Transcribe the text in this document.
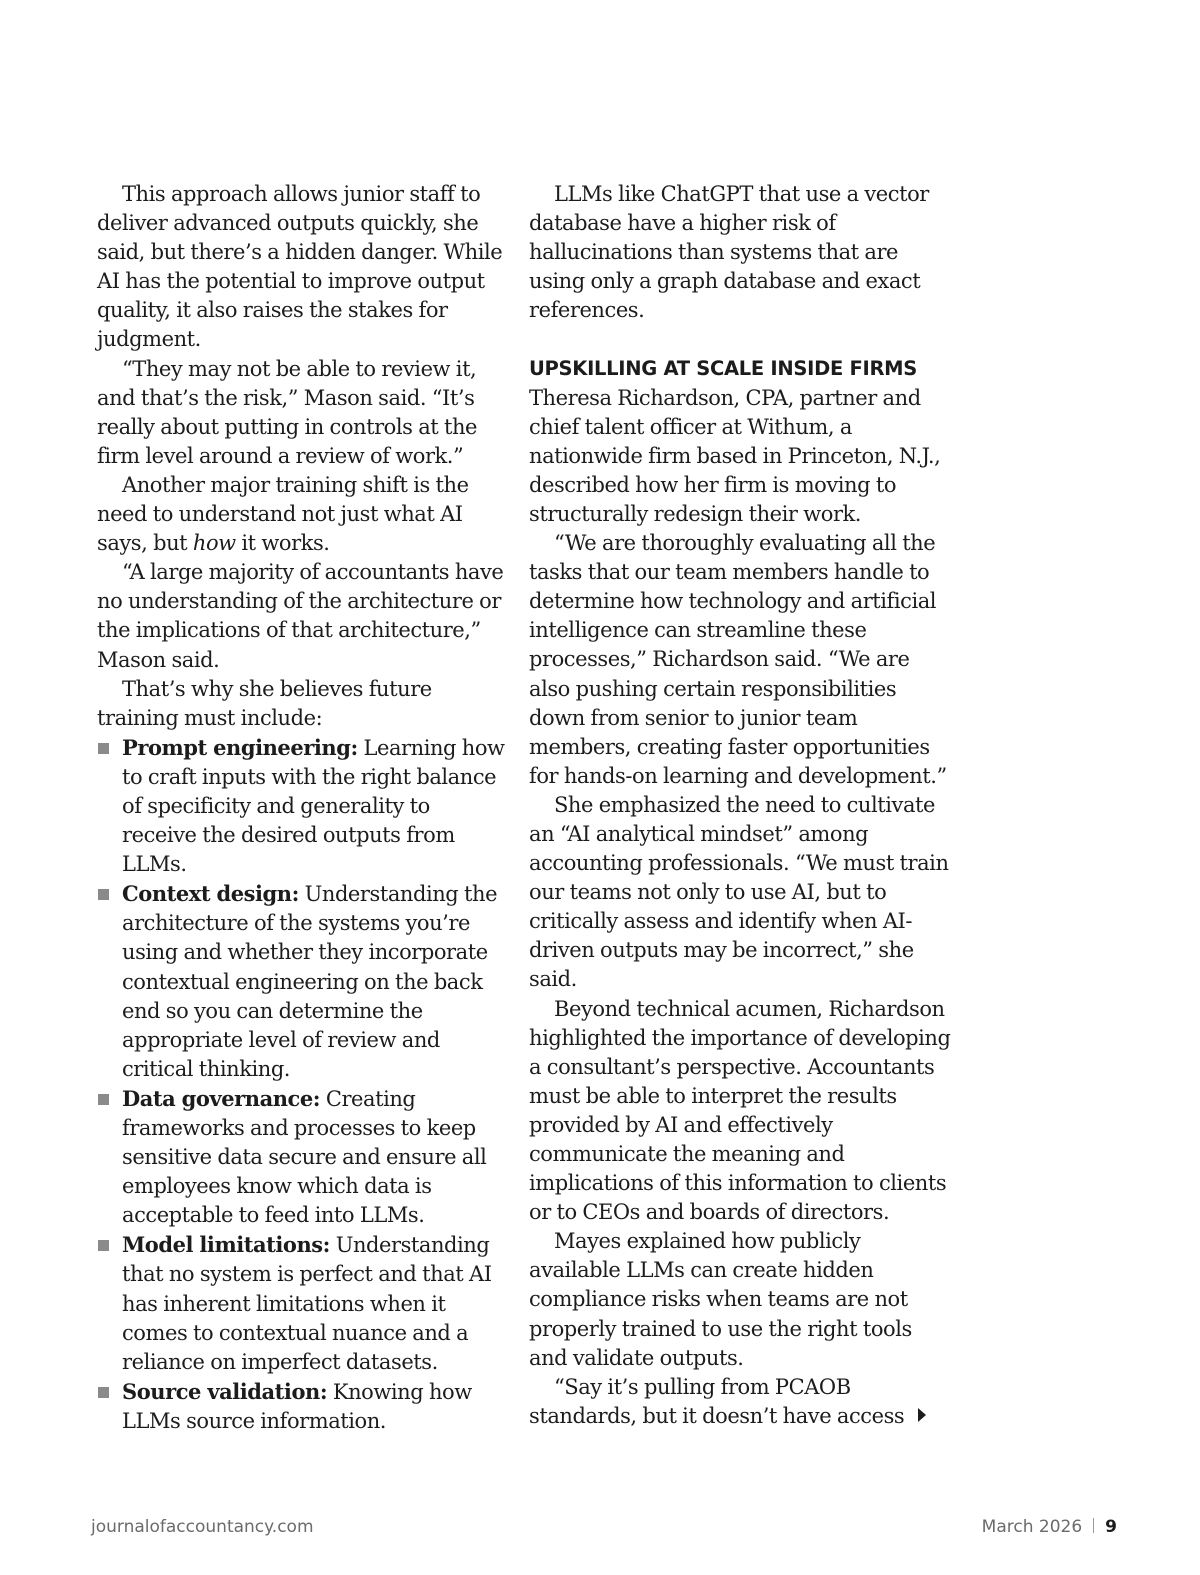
This approach allows junior staff to deliver advanced outputs quickly, she said, but there’s a hidden danger. While AI has the potential to improve output quality, it also raises the stakes for judgment.

“They may not be able to review it, and that’s the risk,” Mason said. “It’s really about putting in controls at the firm level around a review of work.”

Another major training shift is the need to understand not just what AI says, but how it works.

“A large majority of accountants have no understanding of the architecture or the implications of that architecture,” Mason said.

That’s why she believes future training must include:

Prompt engineering: Learning how to craft inputs with the right balance of specificity and generality to receive the desired outputs from LLMs.
Context design: Understanding the architecture of the systems you’re using and whether they incorporate contextual engineering on the back end so you can determine the appropriate level of review and critical thinking.
Data governance: Creating frameworks and processes to keep sensitive data secure and ensure all employees know which data is acceptable to feed into LLMs.
Model limitations: Understanding that no system is perfect and that AI has inherent limitations when it comes to contextual nuance and a reliance on imperfect datasets.
Source validation: Knowing how LLMs source information.

LLMs like ChatGPT that use a vector database have a higher risk of hallucinations than systems that are using only a graph database and exact references.

UPSKILLING AT SCALE INSIDE FIRMS

Theresa Richardson, CPA, partner and chief talent officer at Withum, a nationwide firm based in Princeton, N.J., described how her firm is moving to structurally redesign their work.

“We are thoroughly evaluating all the tasks that our team members handle to determine how technology and artificial intelligence can streamline these processes,” Richardson said. “We are also pushing certain responsibilities down from senior to junior team members, creating faster opportunities for hands-on learning and development.”

She emphasized the need to cultivate an “AI analytical mindset” among accounting professionals. “We must train our teams not only to use AI, but to critically assess and identify when AI-driven outputs may be incorrect,” she said.

Beyond technical acumen, Richardson highlighted the importance of developing a consultant’s perspective. Accountants must be able to interpret the results provided by AI and effectively communicate the meaning and implications of this information to clients or to CEOs and boards of directors.

Mayes explained how publicly available LLMs can create hidden compliance risks when teams are not properly trained to use the right tools and validate outputs.

“Say it’s pulling from PCAOB standards, but it doesn’t have access

journalofaccountancy.com	March 2026 9
